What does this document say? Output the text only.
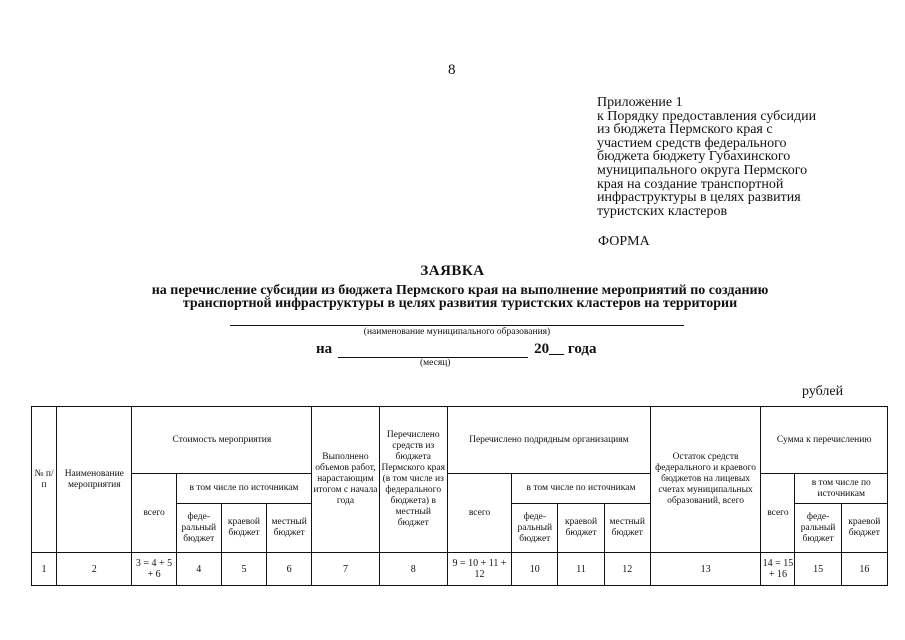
8
Приложение 1
к Порядку предоставления субсидии
из бюджета Пермского края с
участием средств федерального
бюджета бюджету Губахинского
муниципального округа Пермского
края на создание транспортной
инфраструктуры в целях развития
туристских кластеров
ФОРМА
ЗАЯВКА
на перечисление субсидии из бюджета Пермского края на выполнение мероприятий по созданию
транспортной инфраструктуры в целях развития туристских кластеров на территории
(наименование муниципального образования)
на	20__ года
(месяц)
рублей
№ п/п	Наименование мероприятия	Стоимость мероприятия				Выполнено объемов работ, нарастающим итогом с начала года	Перечислено средств из бюджета Пермского края (в том числе из федерального бюджета) в местный бюджет	Перечислено подрядным организациям				Остаток средств федерального и краевого бюджетов на лицевых счетах муниципальных образований, всего	Сумма к перечислению		
		всего	в том числе по источникам					всего	в том числе по источникам				всего	в том числе по источникам	
			феде- ральный бюджет	краевой бюджет	местный бюджет				феде- ральный бюджет	краевой бюджет	местный бюджет			феде- ральный бюджет	краевой бюджет
1	2	3 = 4 + 5 + 6	4	5	6	7	8	9 = 10 + 11 + 12	10	11	12	13	14 = 15 + 16	15	16
